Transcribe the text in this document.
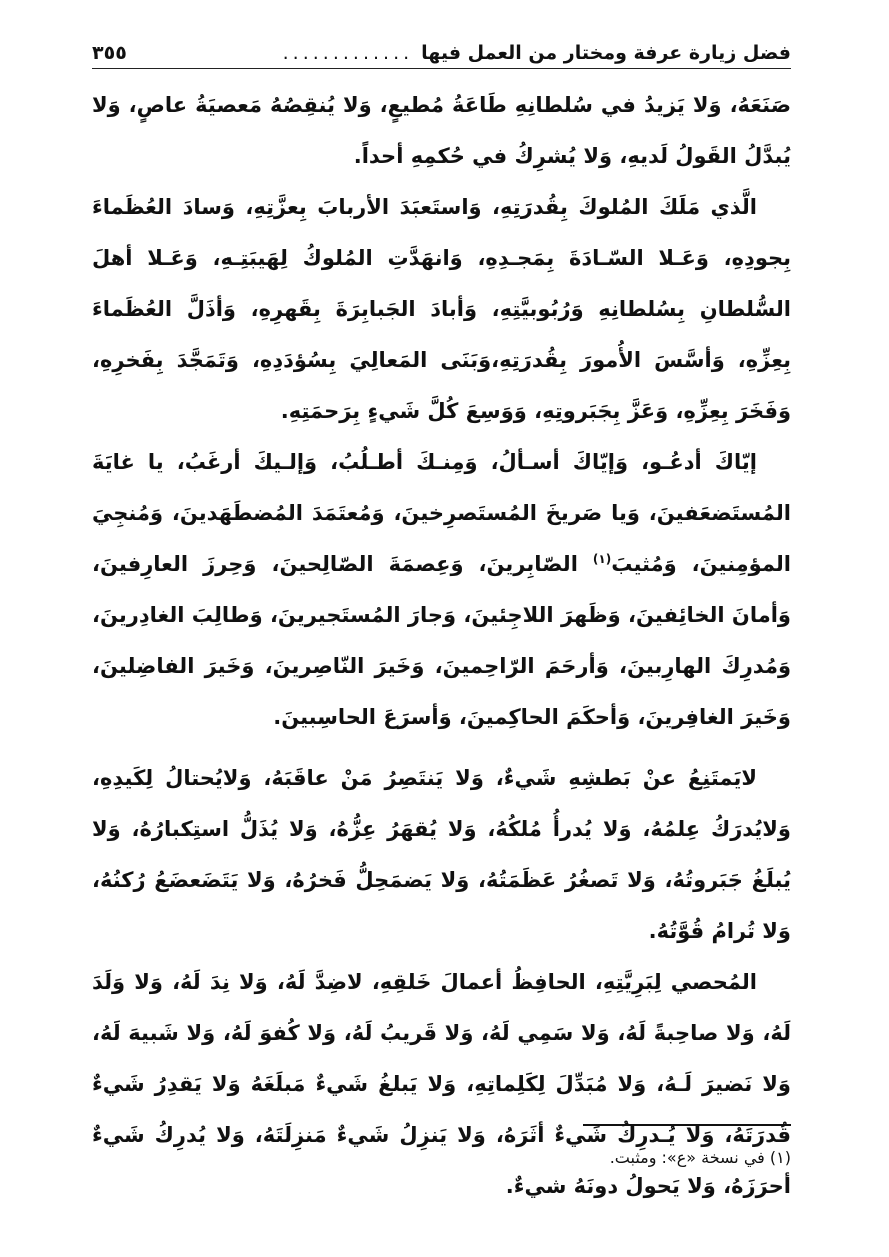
فضل زيارة عرفة ومختار من العمل فيها
.............
٣٥٥

صَنَعَهُ، وَلا يَزيدُ في سُلطانِهِ طَاعَةُ مُطيعٍ، وَلا يُنقِصُهُ مَعصيَةُ عاصٍ، وَلا يُبدَّلُ القَولُ لَديهِ، وَلا يُشرِكُ في حُكمِهِ أحداً.

الَّذي مَلَكَ المُلوكَ بِقُدرَتِهِ، وَاستَعبَدَ الأربابَ بِعزَّتِهِ، وَسادَ العُظَماءَ بِجودِهِ، وَعَـلا السّـادَةَ بِمَجـدِهِ، وَانهَدَّتِ المُلوكُ لِهَيبَتِـهِ، وَعَـلا أهلَ السُّلطانِ بِسُلطانِهِ وَرُبُوبيَّتِهِ، وَأبادَ الجَبابِرَةَ بِقَهرِهِ، وَأذَلَّ العُظَماءَ بِعِزِّهِ، وَأسَّسَ الأُمورَ بِقُدرَتِهِ،وَبَنَى المَعالِيَ بِسُؤدَدِهِ، وَتَمَجَّدَ بِفَخرِهِ، وَفَخَرَ بِعِزِّهِ، وَعَزَّ بِجَبَروتِهِ، وَوَسِعَ كُلَّ شَيءٍ بِرَحمَتِهِ.

إيّاكَ أدعُـو، وَإيّاكَ أسـألُ، وَمِنـكَ أطـلُبُ، وَإلـيكَ أرغَبُ، يا غايَةَ المُستَضعَفينَ، وَيا صَريخَ المُستَصرِخينَ، وَمُعتَمَدَ المُضطَهَدينَ، وَمُنجِيَ المؤمِنينَ، وَمُثيبَ$^{(١)}$ الصّابِرينَ، وَعِصمَةَ الصّالِحينَ، وَحِرزَ العارِفينَ، وَأمانَ الخائِفينَ، وَظَهرَ اللاجِئينَ، وَجارَ المُستَجيرينَ، وَطالِبَ الغادِرينَ، وَمُدرِكَ الهارِبينَ، وَأرحَمَ الرّاحِمينَ، وَخَيرَ النّاصِرينَ، وَخَيرَ الفاضِلينَ، وَخَيرَ الغافِرينَ، وَأحكَمَ الحاكِمينَ، وَأسرَعَ الحاسِبينَ.

لايَمتَنِعُ عنْ بَطشِهِ شَيءٌ، وَلا يَنتَصِرُ مَنْ عاقَبَهُ، وَلايُحتالُ لِكَيدِهِ، وَلايُدرَكُ عِلمُهُ، وَلا يُدرأُ مُلكُهُ، وَلا يُقهَرُ عِزُّهُ، وَلا يُذَلُّ استِكبارُهُ، وَلا يُبلَغُ جَبَروتُهُ، وَلا تَصغُرُ عَظَمَتُهُ، وَلا يَضمَحِلُّ فَخرُهُ، وَلا يَتَضَعضَعُ رُكنُهُ، وَلا تُرامُ قُوَّتُهُ.

المُحصي لِبَرِيَّتِهِ، الحافِظُ أعمالَ خَلقِهِ، لاضِدَّ لَهُ، وَلا نِدَ لَهُ، وَلا وَلَدَ لَهُ، وَلا صاحِبةً لَهُ، وَلا سَمِي لَهُ، وَلا قَريبُ لَهُ، وَلا كُفوَ لَهُ، وَلا شَبيهَ لَهُ، وَلا نَضيرَ لَـهُ، وَلا مُبَدِّلَ لِكَلِماتِهِ، وَلا يَبلغُ شَيءٌ مَبلَغَهُ وَلا يَقدِرُ شَيءٌ قُدرَتَهُ، وَلا يُـدرِكُ شَيءٌ أثَرَهُ، وَلا يَنزِلُ شَيءٌ مَنزِلَتَهُ، وَلا يُدرِكُ شَيءٌ أحرَزَهُ، وَلا يَحولُ دونَهُ شيءٌ.

(١) في نسخة «ع»: ومثبت.
